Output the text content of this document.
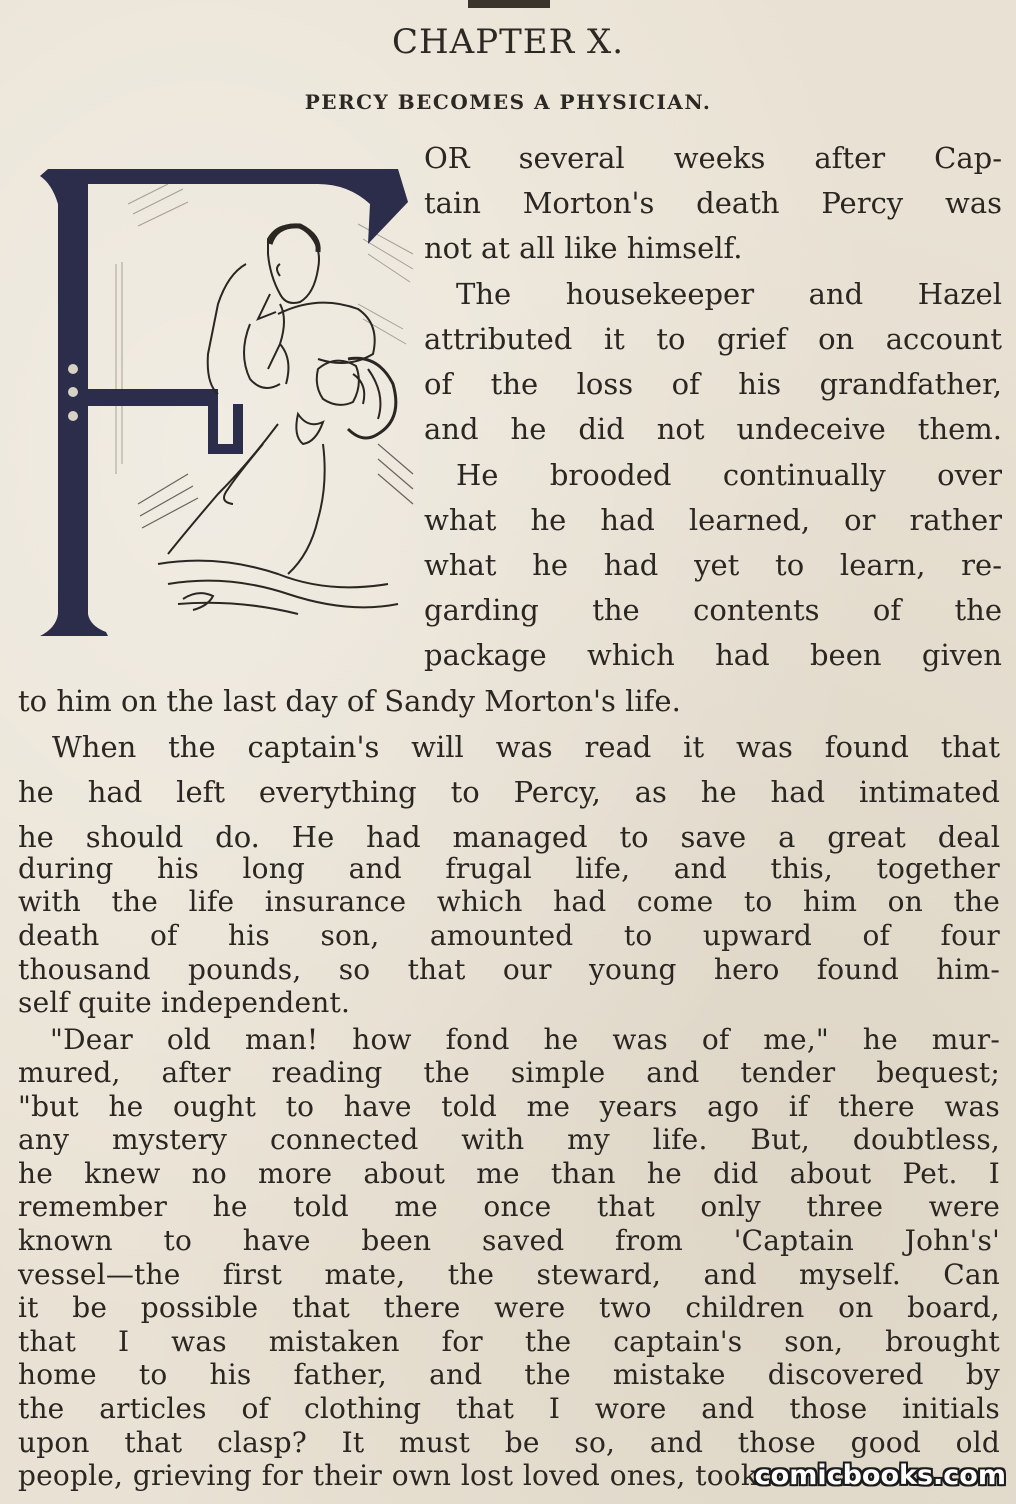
CHAPTER X.
PERCY BECOMES A PHYSICIAN.
OR several weeks after Cap-
tain Morton's death Percy was
not at all like himself.
The housekeeper and Hazel
attributed it to grief on account
of the loss of his grandfather,
and he did not undeceive them.
He brooded continually over
what he had learned, or rather
what he had yet to learn, re-
garding the contents of the
package which had been given
to him on the last day of Sandy Morton's life.
When the captain's will was read it was found that
he had left everything to Percy, as he had intimated
he should do. He had managed to save a great deal
during his long and frugal life, and this, together
with the life insurance which had come to him on the
death of his son, amounted to upward of four
thousand pounds, so that our young hero found him-
self quite independent.
"Dear old man! how fond he was of me," he mur-
mured, after reading the simple and tender bequest;
"but he ought to have told me years ago if there was
any mystery connected with my life. But, doubtless,
he knew no more about me than he did about Pet. I
remember he told me once that only three were
known to have been saved from 'Captain John's'
vessel—the first mate, the steward, and myself. Can
it be possible that there were two children on board,
that I was mistaken for the captain's son, brought
home to his father, and the mistake discovered by
the articles of clothing that I wore and those initials
upon that clasp? It must be so, and those good old
people, grieving for their own lost loved ones, took
comicbooks.com
